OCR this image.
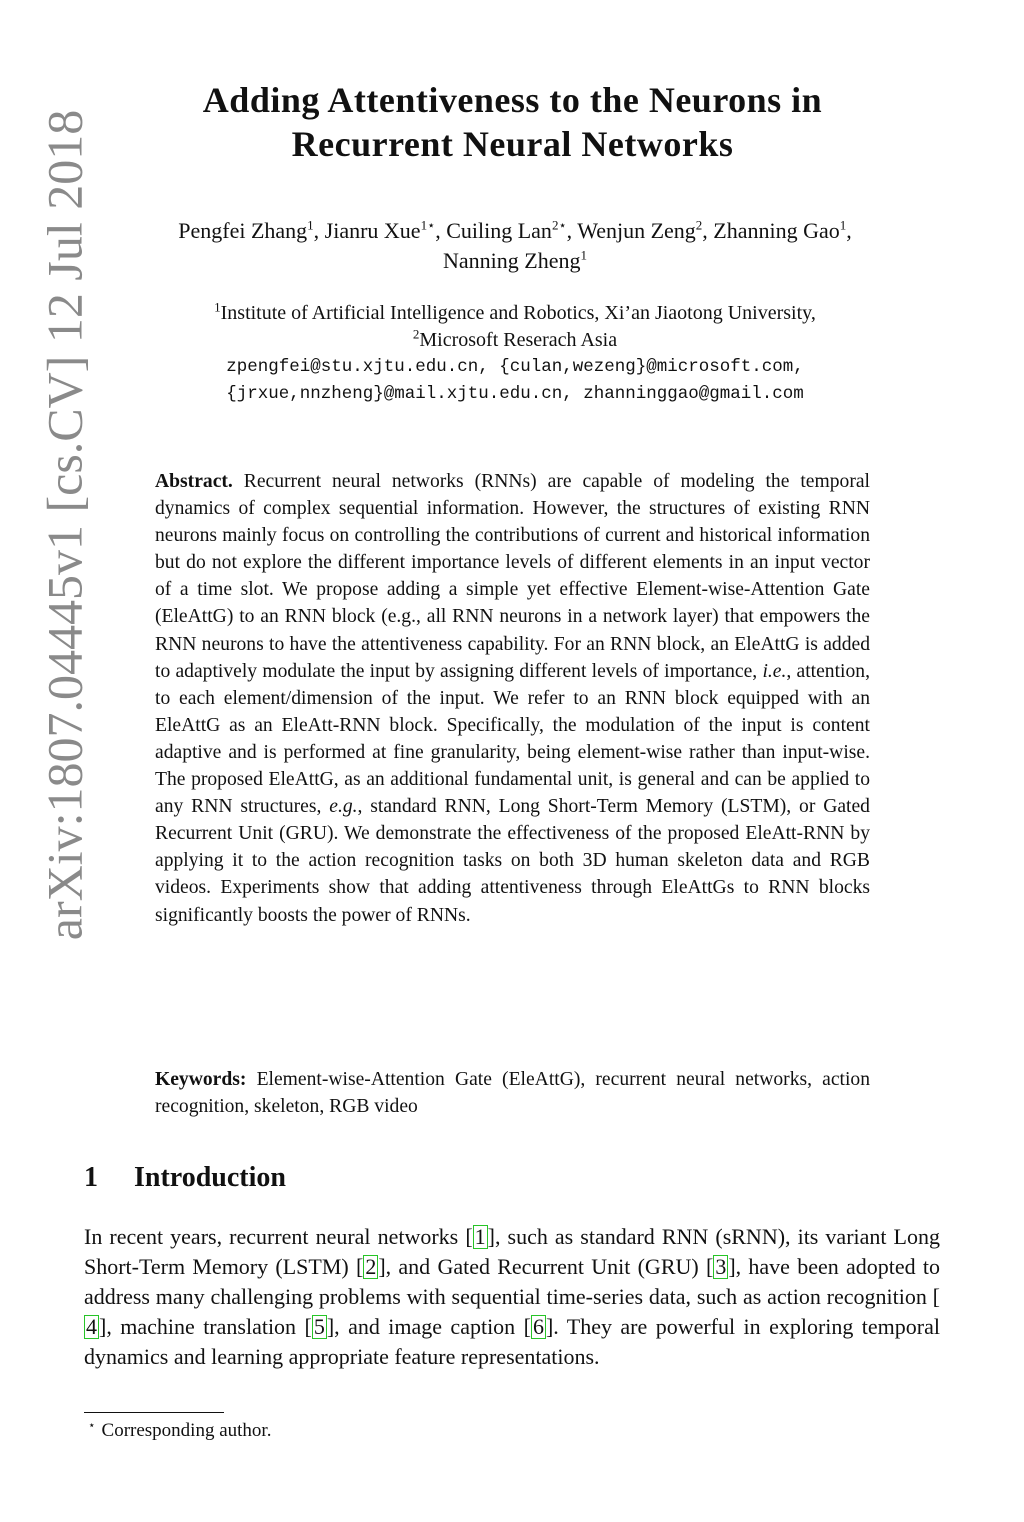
arXiv:1807.04445v1 [cs.CV] 12 Jul 2018
Adding Attentiveness to the Neurons in
Recurrent Neural Networks
Pengfei Zhang$^1$, Jianru Xue$^{1⋆}$, Cuiling Lan$^{2⋆}$, Wenjun Zeng$^2$, Zhanning Gao$^1$,
Nanning Zheng$^1$
$^1$Institute of Artificial Intelligence and Robotics, Xi’an Jiaotong University,
$^2$Microsoft Reserach Asia
zpengfei@stu.xjtu.edu.cn, {culan,wezeng}@microsoft.com,
{jrxue,nnzheng}@mail.xjtu.edu.cn, zhanninggao@gmail.com
Abstract. Recurrent neural networks (RNNs) are capable of modeling the temporal dynamics of complex sequential information. However, the structures of existing RNN neurons mainly focus on controlling the contributions of current and historical information but do not explore the different importance levels of different elements in an input vector of a time slot. We propose adding a simple yet effective Element-wise-Attention Gate (EleAttG) to an RNN block (e.g., all RNN neurons in a network layer) that empowers the RNN neurons to have the attentiveness capability. For an RNN block, an EleAttG is added to adaptively modulate the input by assigning different levels of importance, i.e., attention, to each element/dimension of the input. We refer to an RNN block equipped with an EleAttG as an EleAtt-RNN block. Specifically, the modulation of the input is content adaptive and is performed at fine granularity, being element-wise rather than input-wise. The proposed EleAttG, as an additional fundamental unit, is general and can be applied to any RNN structures, e.g., standard RNN, Long Short-Term Memory (LSTM), or Gated Recurrent Unit (GRU). We demonstrate the effectiveness of the proposed EleAtt-RNN by applying it to the action recognition tasks on both 3D human skeleton data and RGB videos. Experiments show that adding attentiveness through EleAttGs to RNN blocks significantly boosts the power of RNNs.
Keywords: Element-wise-Attention Gate (EleAttG), recurrent neural networks, action recognition, skeleton, RGB video
1 Introduction
In recent years, recurrent neural networks [1], such as standard RNN (sRNN), its variant Long Short-Term Memory (LSTM) [2], and Gated Recurrent Unit (GRU) [3], have been adopted to address many challenging problems with sequential time-series data, such as action recognition [4], machine translation [5], and image caption [6]. They are powerful in exploring temporal dynamics and learning appropriate feature representations.
⋆ Corresponding author.
